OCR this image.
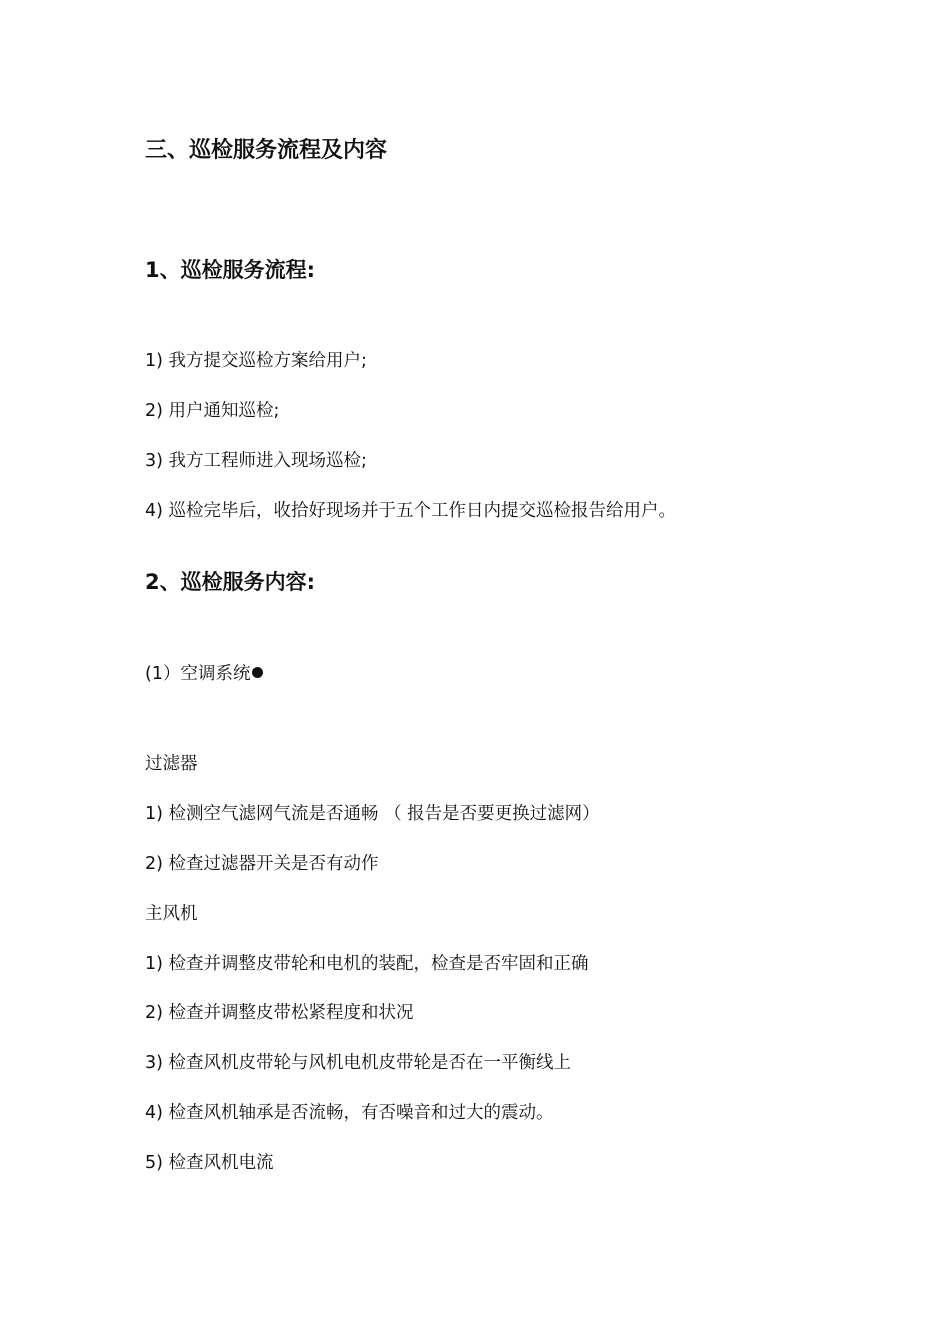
三、巡检服务流程及内容
1、巡检服务流程:
1) 我方提交巡检方案给用户;
2) 用户通知巡检;
3) 我方工程师进入现场巡检;
4) 巡检完毕后，收拾好现场并于五个工作日内提交巡检报告给用户。
2、巡检服务内容:
(1）空调系统
过滤器
1) 检测空气滤网气流是否通畅 （ 报告是否要更换过滤网）
2) 检查过滤器开关是否有动作
主风机
1) 检查并调整皮带轮和电机的装配，检查是否牢固和正确
2) 检查并调整皮带松紧程度和状况
3) 检查风机皮带轮与风机电机皮带轮是否在一平衡线上
4) 检查风机轴承是否流畅，有否噪音和过大的震动。
5) 检查风机电流
